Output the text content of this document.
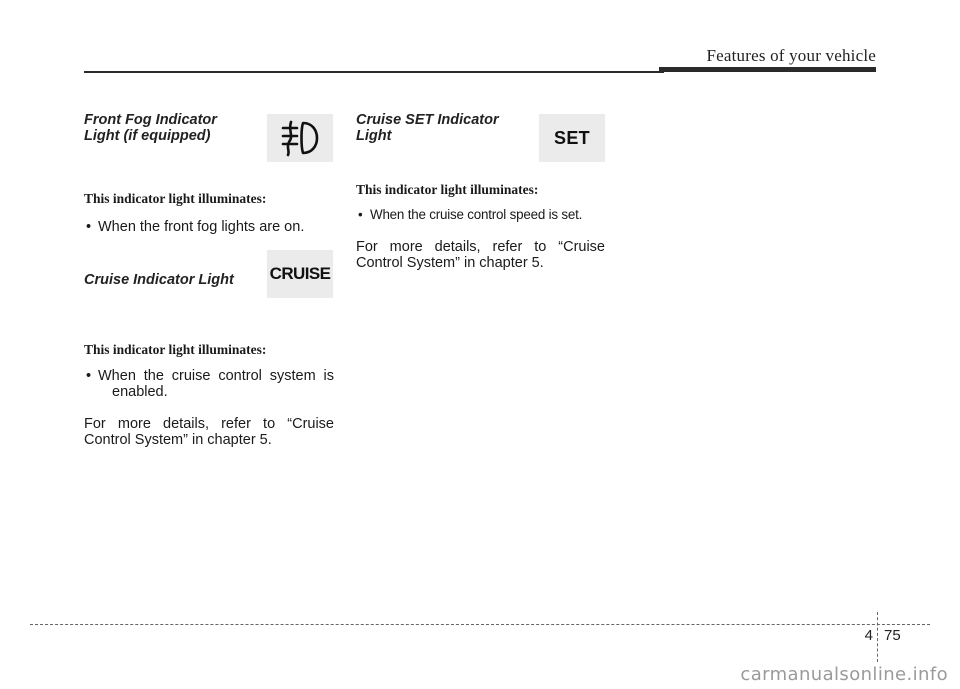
Features of your vehicle

Front Fog Indicator
Light (if equipped)

This indicator light illuminates:

• When the front fog lights are on.

Cruise Indicator Light

This indicator light illuminates:

• When the cruise control system is
enabled.

For more details, refer to “Cruise
Control System” in chapter 5.

Cruise SET Indicator
Light

This indicator light illuminates:

• When the cruise control speed is set.

For more details, refer to “Cruise
Control System” in chapter 5.

CRUISE
SET
4 75
carmanualsonline.info
